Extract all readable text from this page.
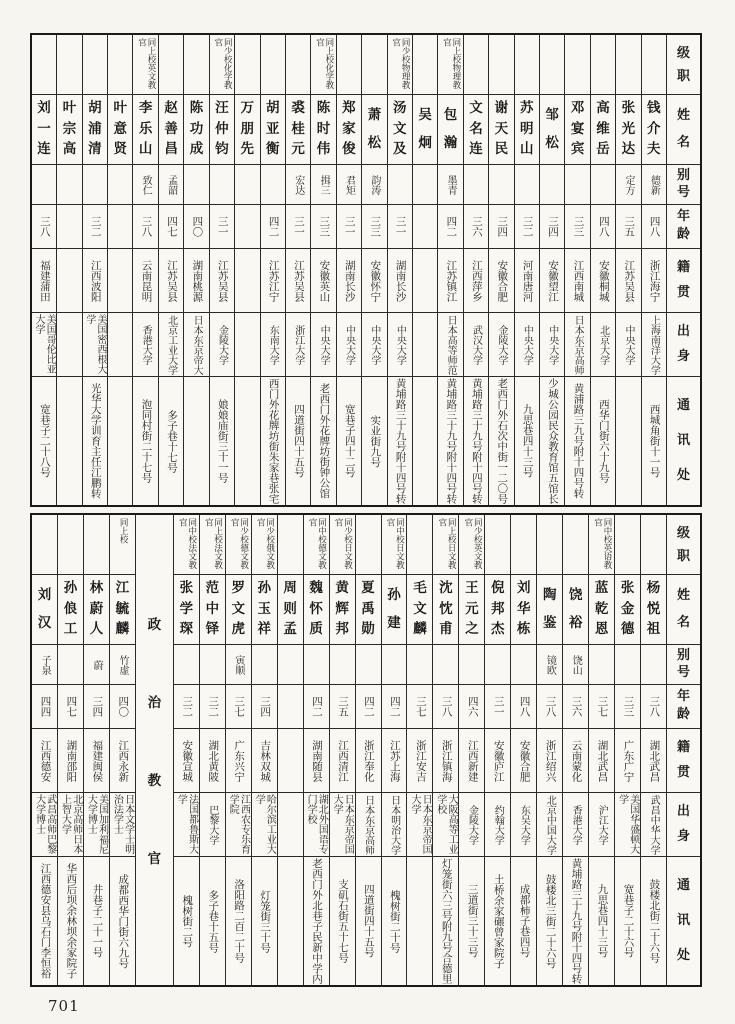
级
职
姓
名
别
号
年
龄
籍
贯
出
身
通
讯
处
钱
介
夫
德新
四八
浙江海宁
上海南洋大学
西城角街十一号
张
光
达
定方
三五
江苏吴县
中央大学
高
维
岳
四八
安徽桐城
北京大学
西华门街六十九号
邓
宴
宾
三三
江西南城
日本东京高师
黄浦路三九号附十四号转
邹
松
三四
安徽望江
中央大学
少城公园民众教育馆五馆长
苏
明
山
三二
河南唐河
中央大学
九思巷四十三号
谢
天
民
三四
安徽合肥
金陵大学
老西门外石次中街一二〇号
文
名
连
三六
江西萍乡
武汉大学
黄埔路三十九号附十四号转
同上校物理教官
包
瀚
墨青
四二
江苏镇江
日本高等师范
黄埔路三十九号附十四号转
吴
炯
同少校物理教官
汤
文
及
三一
湖南长沙
中央大学
黄埔路三十九号附十四号转
萧
松
韵涛
三三
安徽怀宁
中央大学
实业街九号
郑
家
俊
君矩
三一
湖南长沙
中央大学
宽巷子四十二号
同上校化学教官
陈
时
伟
揖三
三三
安徽英山
中央大学
老西门外花牌坊街钟公馆
裘
桂
元
宏达
三一
江苏吴县
浙江大学
四道街四十五号
胡
亚
衡
四二
江苏江宁
东南大学
西门外花牌坊街朱家巷张宅
万
朋
先
同少校化学教官
汪
仲
钧
三一
江苏吴县
金陵大学
娘娘庙街三十一号
陈
功
成
四〇
湖南桃源
日本东京帝大
赵
善
昌
孟韶
四七
江苏吴县
北京工业大学
多子巷十七号
同上校英文教官
李
乐
山
致仁
三八
云南昆明
香港大学
泡同村街二十七号
叶
意
贤
胡
浦
清
三二
江西波阳
美国密西根大学
光华大学训育主任江鹏转
叶
宗
高
刘
一
连
三八
福建蒲田
美国哥伦比亚大学
宽巷子二十八号
级
职
姓
名
别
号
年
龄
籍
贯
出
身
通
讯
处
杨
悦
祖
三八
湖北武昌
武昌中华大学
鼓楼北街二十六号
张
金
德
三三
广东广宁
美国华盛顿大学
宽巷子二十六号
同中校英语教官
蓝
乾
恩
三七
湖北武昌
沪江大学
九思巷四十三号
饶
裕
饶山
三六
云南蒙化
香港大学
黄埔路三十九号附十四号转
陶
鉴
镜欧
三八
浙江绍兴
北京中国大学
鼓楼北三街二十六号
刘
华
栋
四八
安徽合肥
东吴大学
成都柿子巷四号
倪
邦
杰
三一
安徽庐江
约翰大学
土桥余家碾曾家院子
同少校英文教官
王
元
之
四六
江西新建
金陵大学
三道街三十三号
同上校日文教官
沈
忱
甫
三八
浙江镇海
大阪高等工业学校
灯笼街六三号附九号合德里
毛
文
麟
三七
浙江安吉
日本东京帝国大学
同中校日文教官
孙
建
四二
江苏上海
日本明治大学
槐树街二十号
夏
禹
勋
四二
浙江奉化
日本东京高师
四道街四十五号
同少校日文教官
黄
辉
邦
三五
江西清江
日本东京帝国大学
支矶石街五十七号
同中校德文教官
魏
怀
质
四二
湖南随县
湖北外国语专门学校
老西门外北巷子民新中学内
周
则
孟
同少校俄文教官
孙
玉
祥
三四
吉林双城
哈尔滨工业大学
灯笼街三十号
同少校德文教官
罗
文
虎
寅顺
三七
广东兴宁
江西农专乐育学院
洛阳路二百二十号
同上校法文教官
范
中
铎
三二
湖北黄陂
巴黎大学
多子巷十五号
同中校法文教官
张
学
琛
三二
安徽宣城
法国都鲁斯大学
槐树街二号
政
治
教
官
同上校
江
毓
麟
竹虚
四〇
江西永新
日本文学士明治法学士
成都西华门街六九号
林
蔚
人
蔚
三四
福建闽侯
美国加利福尼大学博士
井巷子二十一号
孙
俍
工
四七
湖南邵阳
北京高师日本上智大学
华西后坝余林坝余家院子
刘
汉
子泉
四四
江西德安
武昌高师巴黎大学博士
江西德安县乌石门李恒裕
701
